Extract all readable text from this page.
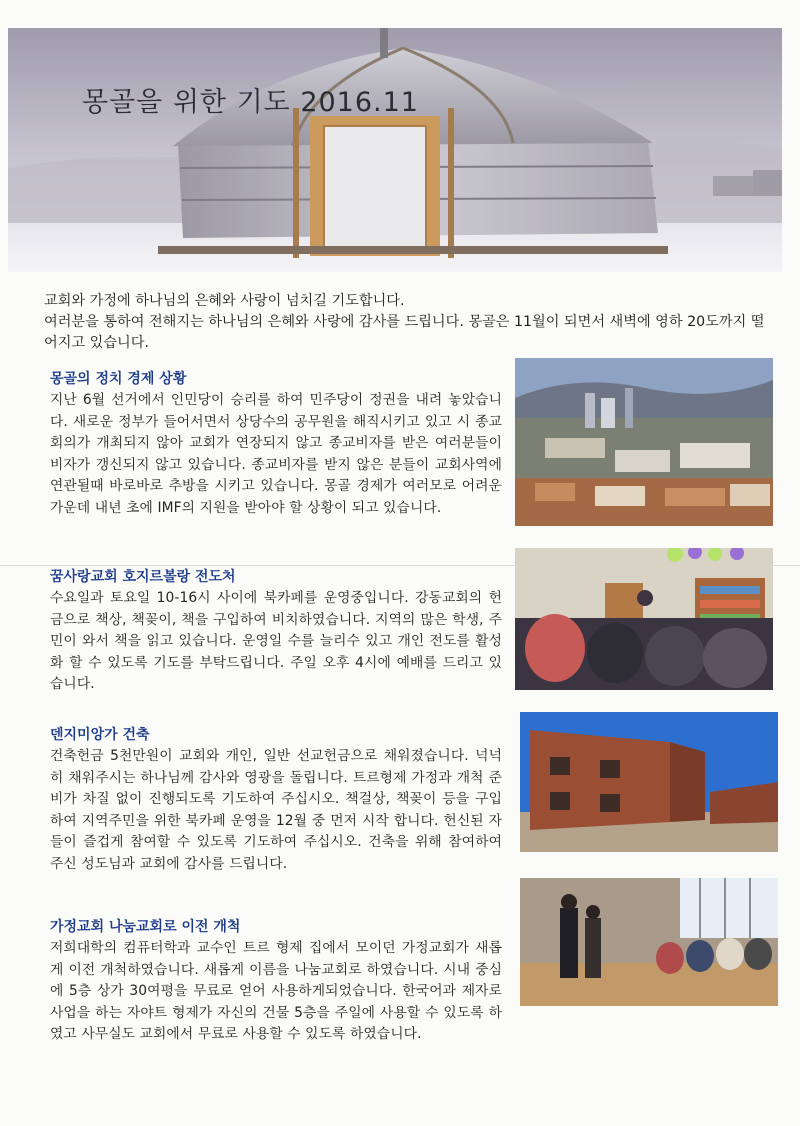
몽골을 위한 기도 2016.11

교회와 가정에 하나님의 은혜와 사랑이 넘치길 기도합니다.

여러분을 통하여 전해지는 하나님의 은혜와 사랑에 감사를 드립니다. 몽골은 11월이 되면서 새벽에 영하 20도까지 떨어지고 있습니다.

몽골의 정치 경제 상황
지난 6월 선거에서 인민당이 승리를 하여 민주당이 정권을 내려 놓았습니다. 새로운 정부가 들어서면서 상당수의 공무원을 해직시키고 있고 시 종교회의가 개최되지 않아 교회가 연장되지 않고 종교비자를 받은 여러분들이 비자가 갱신되지 않고 있습니다. 종교비자를 받지 않은 분들이 교회사역에 연관될때 바로바로 추방을 시키고 있습니다. 몽골 경제가 여러모로 어려운 가운데 내년 초에 IMF의 지원을 받아야 할 상황이 되고 있습니다.
꿈사랑교회 호지르볼랑 전도처
수요일과 토요일 10-16시 사이에 북카페를 운영중입니다. 강동교회의 헌금으로 책상, 책꽂이, 책을 구입하여 비치하였습니다. 지역의 많은 학생, 주민이 와서 책을 읽고 있습니다. 운영일 수를 늘리수 있고 개인 전도를 활성화 할 수 있도록 기도를 부탁드립니다. 주일 오후 4시에 예배를 드리고 있습니다.
덴지미앙가 건축
건축헌금 5천만원이 교회와 개인, 일반 선교헌금으로 채워졌습니다. 넉넉히 채워주시는 하나님께 감사와 영광을 돌립니다. 트르형제 가정과 개척 준비가 차질 없이 진행되도록 기도하여 주십시오. 책걸상, 책꽂이 등을 구입하여 지역주민을 위한 북카페 운영을 12월 중 먼저 시작 합니다. 헌신된 자들이 즐겁게 참여할 수 있도록 기도하여 주십시오. 건축을 위해 참여하여 주신 성도님과 교회에 감사를 드립니다.
가정교회 나눔교회로 이전 개척
저희대학의 컴퓨터학과 교수인 트르 형제 집에서 모이던 가정교회가 새롭게 이전 개척하였습니다. 새롭게 이름을 나눔교회로 하였습니다. 시내 중심에 5층 상가 30여평을 무료로 얻어 사용하게되었습니다. 한국어과 제자로 사업을 하는 자야트 형제가 자신의 건물 5층을 주일에 사용할 수 있도록 하였고 사무실도 교회에서 무료로 사용할 수 있도록 하였습니다.
